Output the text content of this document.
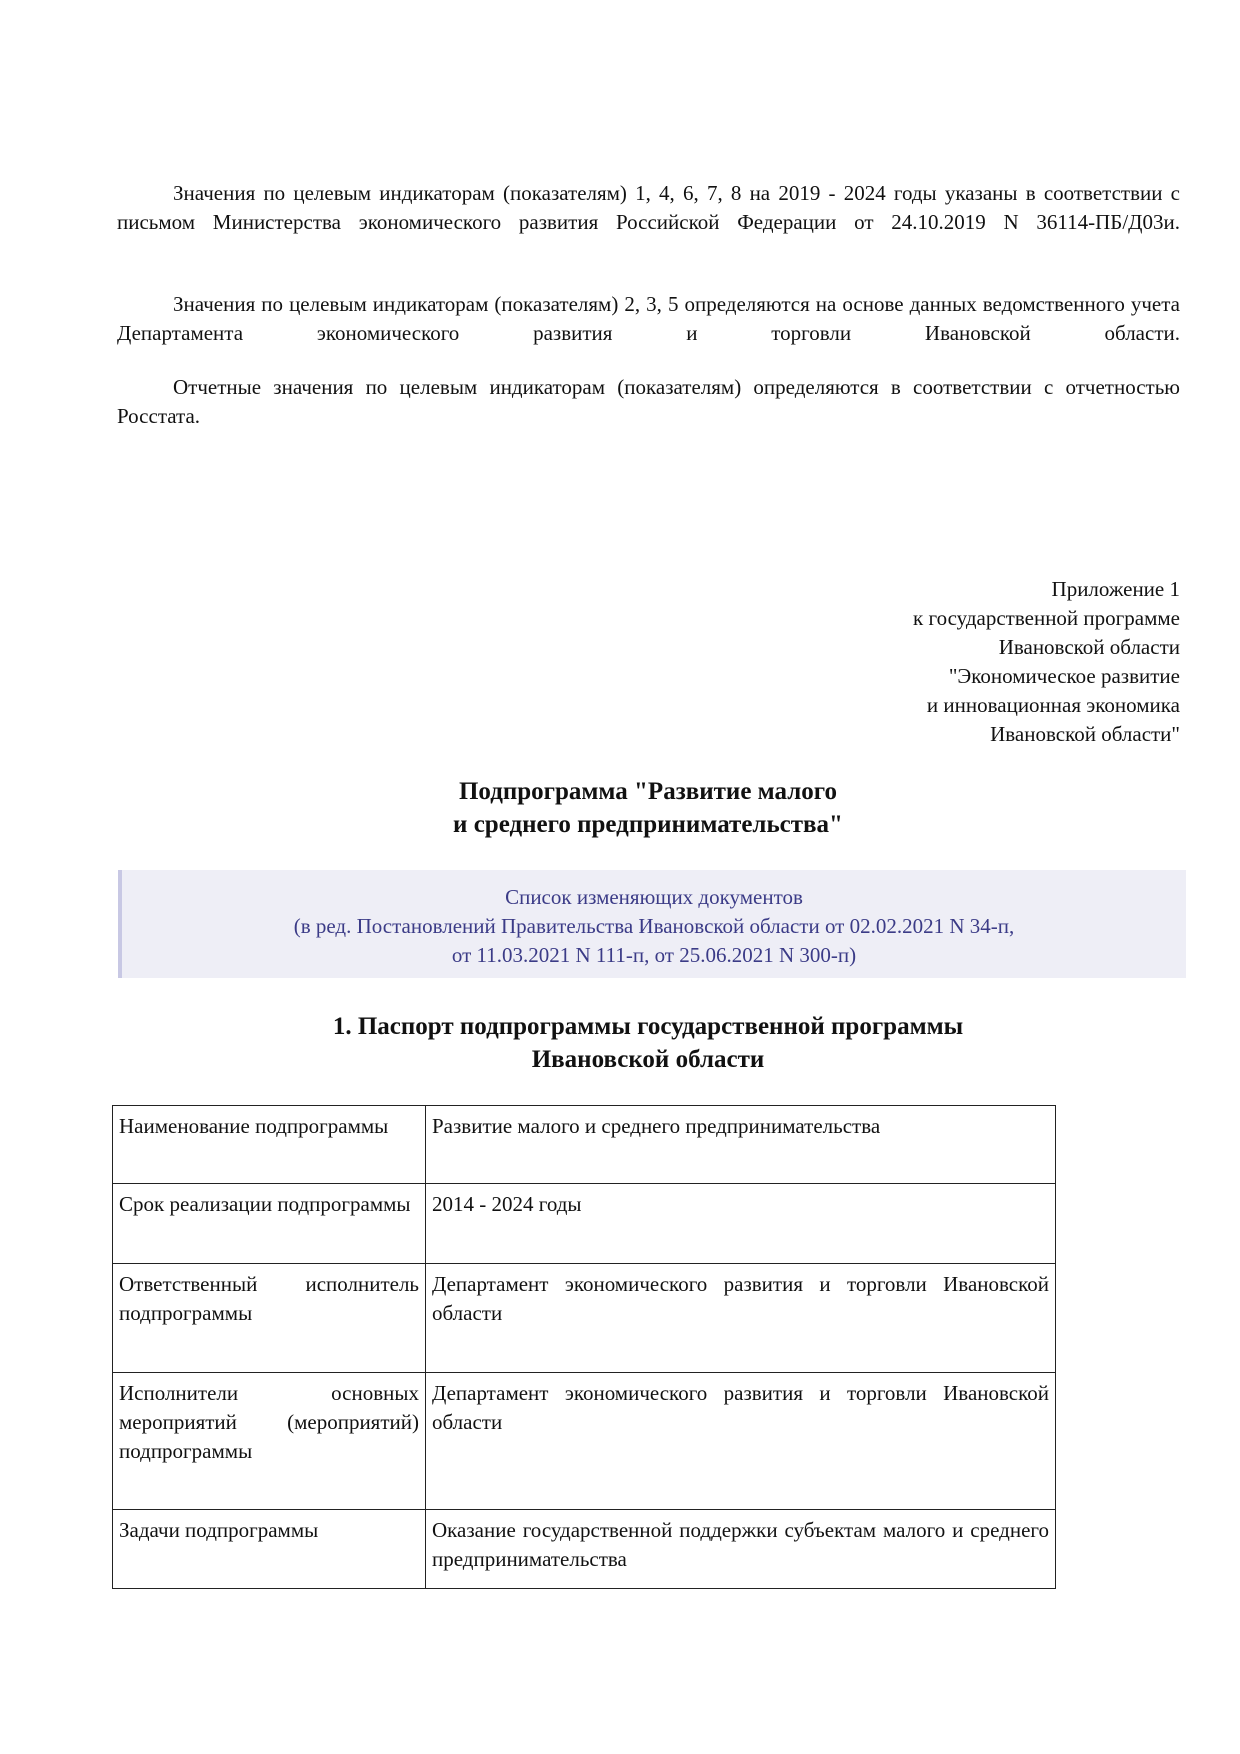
Значения по целевым индикаторам (показателям) 1, 4, 6, 7, 8 на 2019 - 2024 годы указаны в соответствии с письмом Министерства экономического развития Российской Федерации от 24.10.2019 N 36114-ПБ/Д03и.

Значения по целевым индикаторам (показателям) 2, 3, 5 определяются на основе данных ведомственного учета Департамента экономического развития и торговли Ивановской области.

Отчетные значения по целевым индикаторам (показателям) определяются в соответствии с отчетностью Росстата.

Приложение 1
к государственной программе
Ивановской области
"Экономическое развитие
и инновационная экономика
Ивановской области"
Подпрограмма "Развитие малого
и среднего предпринимательства"
Список изменяющих документов
(в ред. Постановлений Правительства Ивановской области от 02.02.2021 N 34-п,
от 11.03.2021 N 111-п, от 25.06.2021 N 300-п)
1. Паспорт подпрограммы государственной программы
Ивановской области
Наименование подпрограммы	Развитие малого и среднего предпринимательства
Срок реализации подпрограммы	2014 - 2024 годы
Ответственный исполнитель подпрограммы	Департамент экономического развития и торговли Ивановской области
Исполнители основных мероприятий (мероприятий) подпрограммы	Департамент экономического развития и торговли Ивановской области
Задачи подпрограммы	Оказание государственной поддержки субъектам малого и среднего предпринимательства
